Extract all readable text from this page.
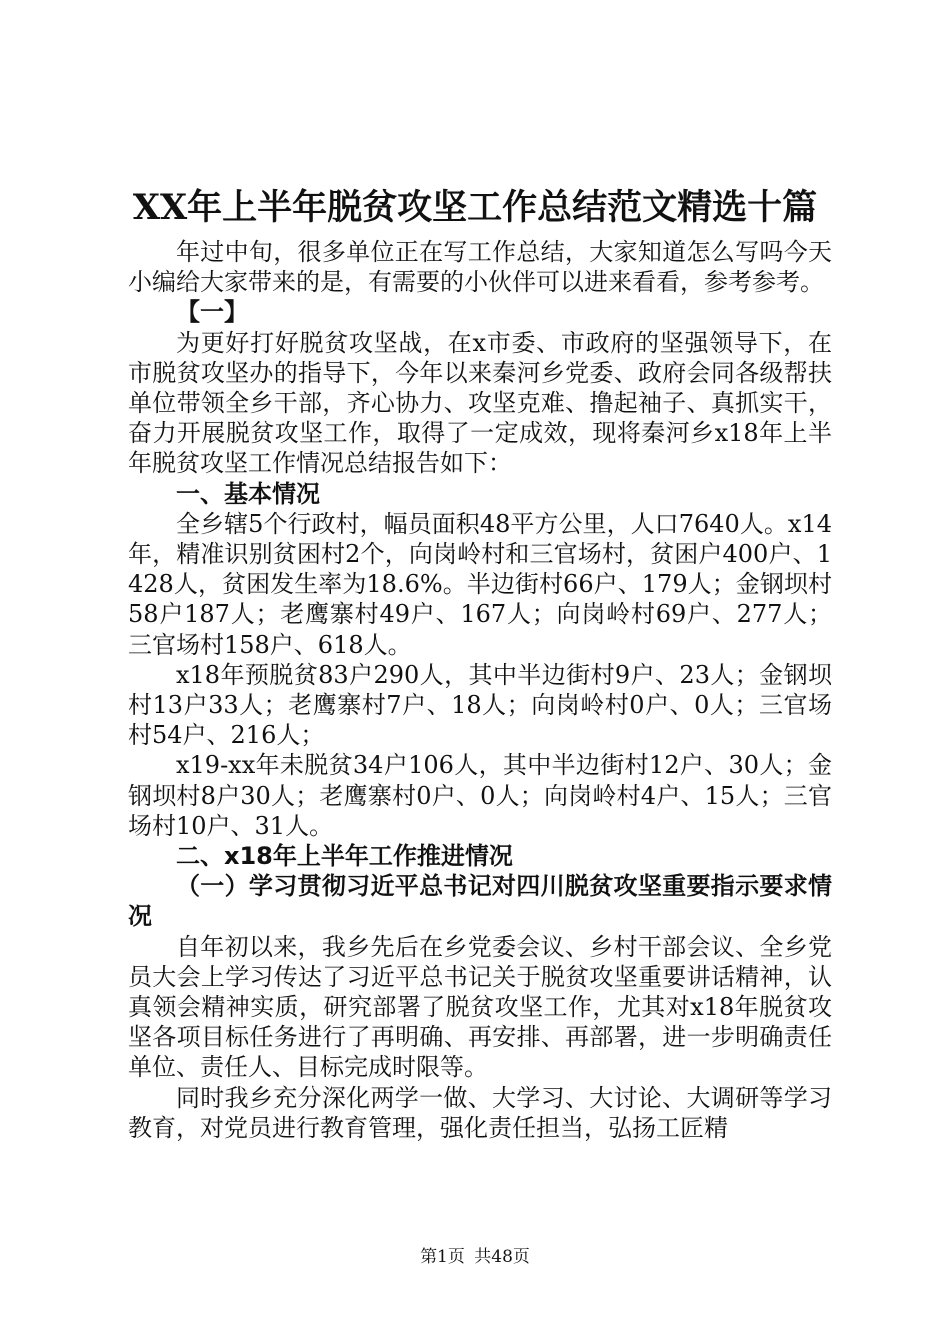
XX年上半年脱贫攻坚工作总结范文精选十篇

年过中旬，很多单位正在写工作总结，大家知道怎么写吗今天小编给大家带来的是，有需要的小伙伴可以进来看看，参考参考。

【一】

为更好打好脱贫攻坚战，在x市委、市政府的坚强领导下，在市脱贫攻坚办的指导下，今年以来秦河乡党委、政府会同各级帮扶单位带领全乡干部，齐心协力、攻坚克难、撸起袖子、真抓实干，奋力开展脱贫攻坚工作，取得了一定成效，现将秦河乡x18年上半年脱贫攻坚工作情况总结报告如下：

一、基本情况

全乡辖5个行政村，幅员面积48平方公里，人口7640人。x14年，精准识别贫困村2个，向岗岭村和三官场村，贫困户400户、1428人，贫困发生率为18.6%。半边街村66户、179人；金钢坝村58户187人；老鹰寨村49户、167人；向岗岭村69户、277人；三官场村158户、618人。

x18年预脱贫83户290人，其中半边街村9户、23人；金钢坝村13户33人；老鹰寨村7户、18人；向岗岭村0户、0人；三官场村54户、216人；

x19-xx年未脱贫34户106人，其中半边街村12户、30人；金钢坝村8户30人；老鹰寨村0户、0人；向岗岭村4户、15人；三官场村10户、31人。

二、x18年上半年工作推进情况

（一）学习贯彻习近平总书记对四川脱贫攻坚重要指示要求情况

自年初以来，我乡先后在乡党委会议、乡村干部会议、全乡党员大会上学习传达了习近平总书记关于脱贫攻坚重要讲话精神，认真领会精神实质，研究部署了脱贫攻坚工作，尤其对x18年脱贫攻坚各项目标任务进行了再明确、再安排、再部署，进一步明确责任单位、责任人、目标完成时限等。

同时我乡充分深化两学一做、大学习、大讨论、大调研等学习教育，对党员进行教育管理，强化责任担当，弘扬工匠精

第1页 共48页
